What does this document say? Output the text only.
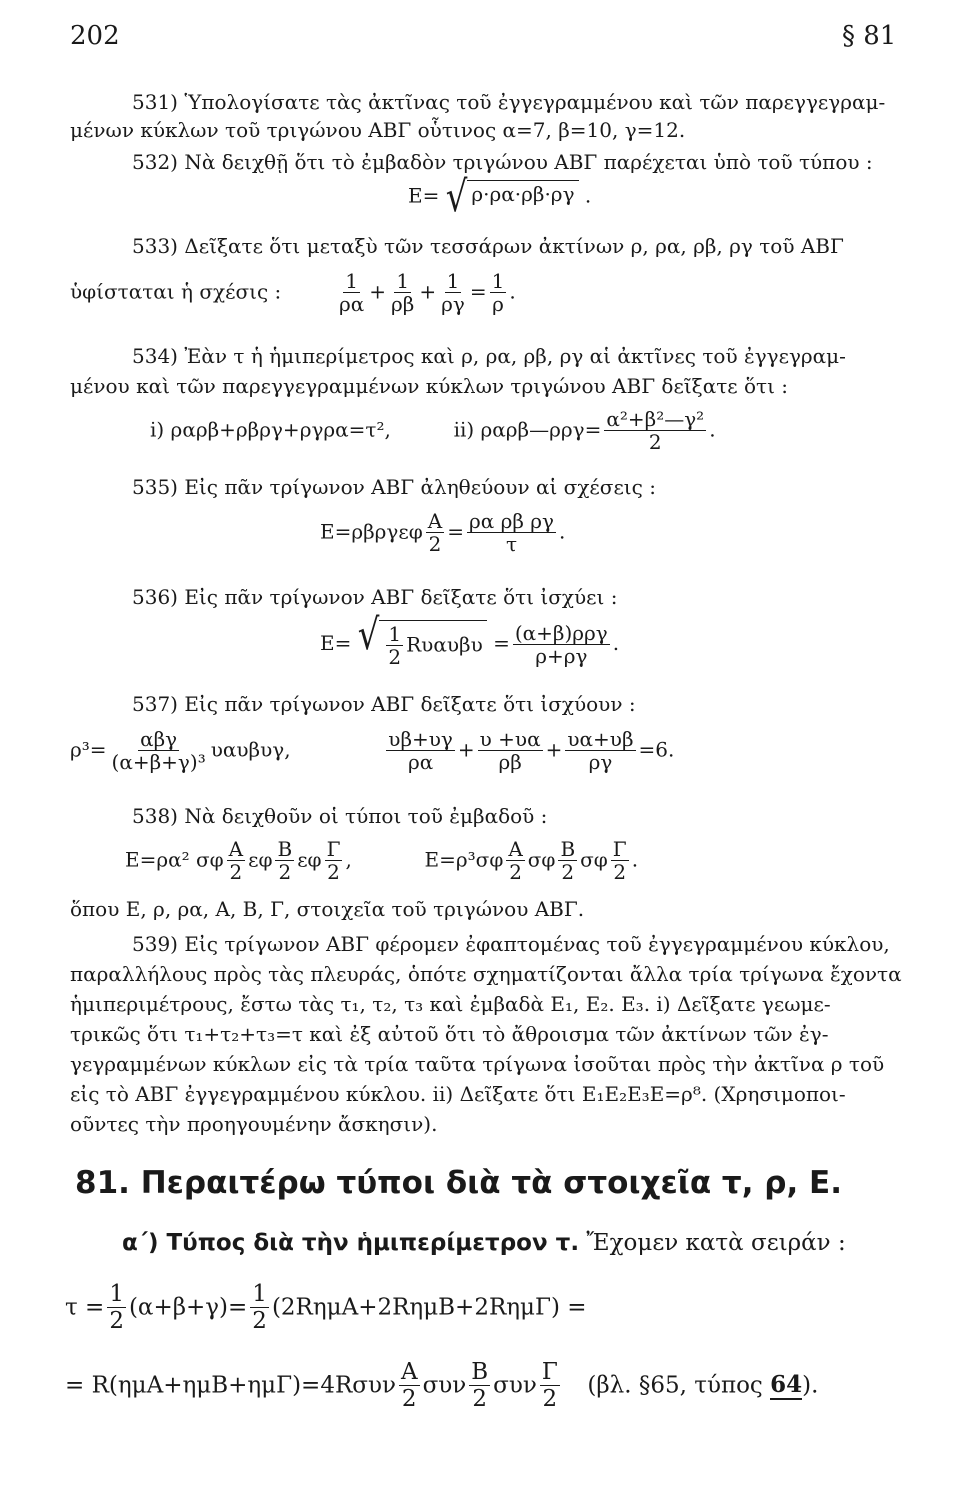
202	§ 81
531) Ὑπολογίσατε τὰς ἀκτῖνας τοῦ ἐγγεγραμμένου καὶ τῶν παρεγγεγραμ-
μένων κύκλων τοῦ τριγώνου ΑΒΓ οὗτινος α=7, β=10, γ=12.
532) Νὰ δειχθῇ ὅτι τὸ ἐμβαδὸν τριγώνου ΑΒΓ παρέχεται ὑπὸ τοῦ τύπου :
E= √ ρ·ρα·ρβ·ργ .
533) Δεῖξατε ὅτι μεταξὺ τῶν τεσσάρων ἀκτίνων ρ, ρα, ρβ, ργ τοῦ ΑΒΓ
ὑφίσταται ἡ σχέσις :	$\frac{1}{\rho\alpha} + \frac{1}{\rho\beta} + \frac{1}{\rho\gamma} = \frac{1}{\rho}$ .
534) Ἐὰν τ ἡ ἡμιπερίμετρος καὶ ρ, ρα, ρβ, ργ αἱ ἀκτῖνες τοῦ ἐγγεγραμ-
μένου καὶ τῶν παρεγγεγραμμένων κύκλων τριγώνου ΑΒΓ δεῖξατε ὅτι :
i) ραρβ+ρβργ+ργρα=τ²,	ii) ραρβ—ρργ= $\frac{\text{α²+β²—γ²}}{2}$ .
535) Εἰς πᾶν τρίγωνον ΑΒΓ ἀληθεύουν αἱ σχέσεις :
$E=\rho\beta\rho\gamma\varepsilon\varphi \frac{A}{2} = \frac{\text{ρα ρβ ργ}}{\tau}$ .
536) Εἰς πᾶν τρίγωνον ΑΒΓ δεῖξατε ὅτι ἰσχύει :
E= √ $\frac{1}{2}$ $R\upsilon\alpha\upsilon\beta\upsilon = \frac{\text{(α+β)ρργ}}{\rho+\rho\gamma}$ .
537) Εἰς πᾶν τρίγωνον ΑΒΓ δεῖξατε ὅτι ἰσχύουν :
$\rho^3= \frac{\text{αβγ}}{\text{(α+β+γ)³}} \upsilon\alpha\upsilon\beta\upsilon\gamma$,	$\frac{\upsilon\beta+\upsilon\gamma}{\rho\alpha} + \frac{\upsilon +\upsilon\alpha}{\rho\beta} + \frac{\upsilon\alpha+\upsilon\beta}{\rho\gamma} =6$.
538) Νὰ δειχθοῦν οἱ τύποι τοῦ ἐμβαδοῦ :
E=ρα² σφ $\frac{A}{2}$ εφ $\frac{B}{2}$ εφ $\frac{\Gamma}{2}$ ,	$E=\rho^3\sigma\varphi \frac{A}{2}$ σφ $\frac{B}{2}$ σφ $\frac{\Gamma}{2}$ .
ὅπου E, ρ, ρα, A, B, Γ, στοιχεῖα τοῦ τριγώνου ΑΒΓ.
539) Εἰς τρίγωνον ΑΒΓ φέρομεν ἐφαπτομένας τοῦ ἐγγεγραμμένου κύκλου,
παραλλήλους πρὸς τὰς πλευράς, ὁπότε σχηματίζονται ἄλλα τρία τρίγωνα ἔχοντα
ἡμιπεριμέτρους, ἔστω τὰς τ₁, τ₂, τ₃ καὶ ἐμβαδὰ E₁, E₂. E₃. i) Δεῖξατε γεωμε-
τρικῶς ὅτι τ₁+τ₂+τ₃=τ καὶ ἐξ αὐτοῦ ὅτι τὸ ἄθροισμα τῶν ἀκτίνων τῶν ἐγ-
γεγραμμένων κύκλων εἰς τὰ τρία ταῦτα τρίγωνα ἰσοῦται πρὸς τὴν ἀκτῖνα ρ τοῦ
εἰς τὸ ΑΒΓ ἐγγεγραμμένου κύκλου. ii) Δεῖξατε ὅτι E₁E₂E₃E=ρ⁸. (Χρησιμοποι-
οῦντες τὴν προηγουμένην ἄσκησιν).
81. Περαιτέρω τύποι διὰ τὰ στοιχεῖα τ, ρ, E.
α΄) Τύπος διὰ τὴν ἡμιπερίμετρον τ. Ἔχομεν κατὰ σειράν :
$\tau = \frac{1}{2} (\alpha+\beta+\gamma)= \frac{1}{2} (2R\eta\mu A+2R\eta\mu B+2R\eta\mu\Gamma)$ =
= $R(\eta\mu A+\eta\mu B+\eta\mu\Gamma)=4R\sigma\upsilon\nu \frac{A}{2}$ συν $\frac{B}{2}$ συν $\frac{\Gamma}{2} (\beta\lambda$. §65, τύπος 64).
